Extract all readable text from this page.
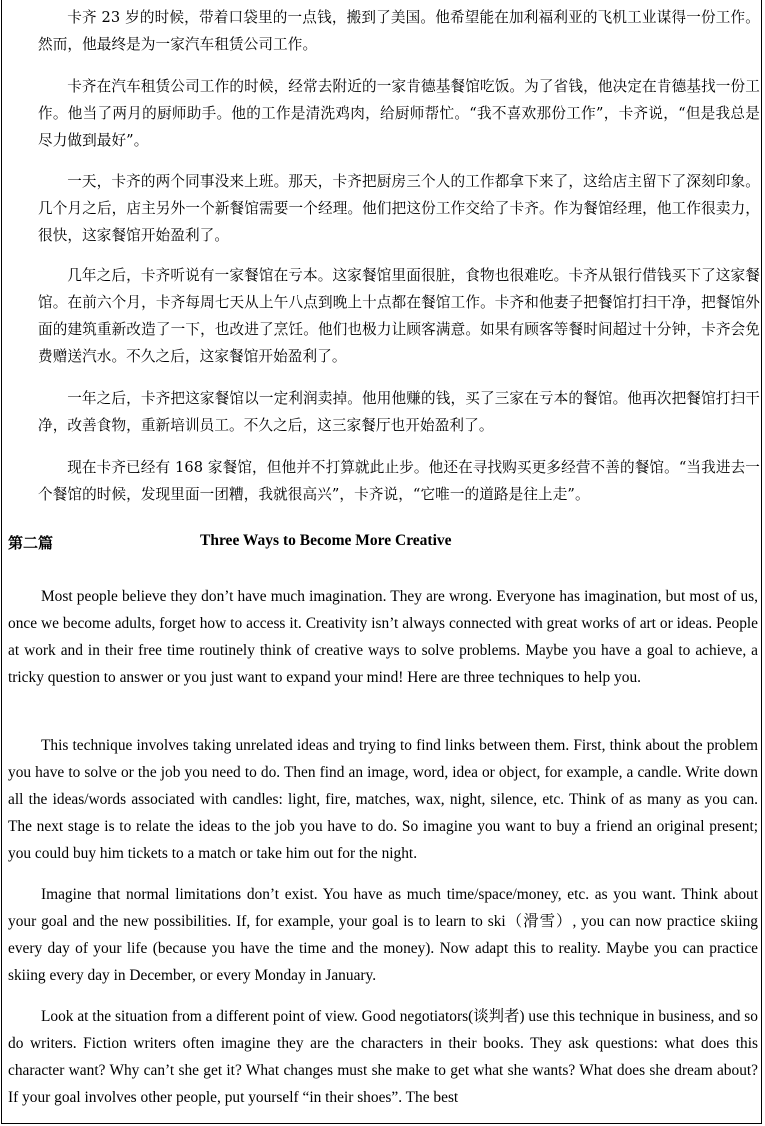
卡齐 23 岁的时候，带着口袋里的一点钱，搬到了美国。他希望能在加利福利亚的飞机工业谋得一份工作。然而，他最终是为一家汽车租赁公司工作。

卡齐在汽车租赁公司工作的时候，经常去附近的一家肯德基餐馆吃饭。为了省钱，他决定在肯德基找一份工作。他当了两月的厨师助手。他的工作是清洗鸡肉，给厨师帮忙。“我不喜欢那份工作”，卡齐说，“但是我总是尽力做到最好”。

一天，卡齐的两个同事没来上班。那天，卡齐把厨房三个人的工作都拿下来了，这给店主留下了深刻印象。几个月之后，店主另外一个新餐馆需要一个经理。他们把这份工作交给了卡齐。作为餐馆经理，他工作很卖力，很快，这家餐馆开始盈利了。

几年之后，卡齐听说有一家餐馆在亏本。这家餐馆里面很脏，食物也很难吃。卡齐从银行借钱买下了这家餐馆。在前六个月，卡齐每周七天从上午八点到晚上十点都在餐馆工作。卡齐和他妻子把餐馆打扫干净，把餐馆外面的建筑重新改造了一下，也改进了烹饪。他们也极力让顾客满意。如果有顾客等餐时间超过十分钟，卡齐会免费赠送汽水。不久之后，这家餐馆开始盈利了。

一年之后，卡齐把这家餐馆以一定利润卖掉。他用他赚的钱，买了三家在亏本的餐馆。他再次把餐馆打扫干净，改善食物，重新培训员工。不久之后，这三家餐厅也开始盈利了。

现在卡齐已经有 168 家餐馆，但他并不打算就此止步。他还在寻找购买更多经营不善的餐馆。“当我进去一个餐馆的时候，发现里面一团糟，我就很高兴”，卡齐说，“它唯一的道路是往上走”。

第二篇	Three Ways to Become More Creative

Most people believe they don’t have much imagination. They are wrong. Everyone has imagination, but most of us, once we become adults, forget how to access it. Creativity isn’t always connected with great works of art or ideas. People at work and in their free time routinely think of creative ways to solve problems. Maybe you have a goal to achieve, a tricky question to answer or you just want to expand your mind! Here are three techniques to help you.

This technique involves taking unrelated ideas and trying to find links between them. First, think about the problem you have to solve or the job you need to do. Then find an image, word, idea or object, for example, a candle. Write down all the ideas/words associated with candles: light, fire, matches, wax, night, silence, etc. Think of as many as you can. The next stage is to relate the ideas to the job you have to do. So imagine you want to buy a friend an original present; you could buy him tickets to a match or take him out for the night.

Imagine that normal limitations don’t exist. You have as much time/space/money, etc. as you want. Think about your goal and the new possibilities. If, for example, your goal is to learn to ski（滑雪）, you can now practice skiing every day of your life (because you have the time and the money). Now adapt this to reality. Maybe you can practice skiing every day in December, or every Monday in January.

Look at the situation from a different point of view. Good negotiators(谈判者) use this technique in business, and so do writers. Fiction writers often imagine they are the characters in their books. They ask questions: what does this character want? Why can’t she get it? What changes must she make to get what she wants? What does she dream about? If your goal involves other people, put yourself “in their shoes”. The best
